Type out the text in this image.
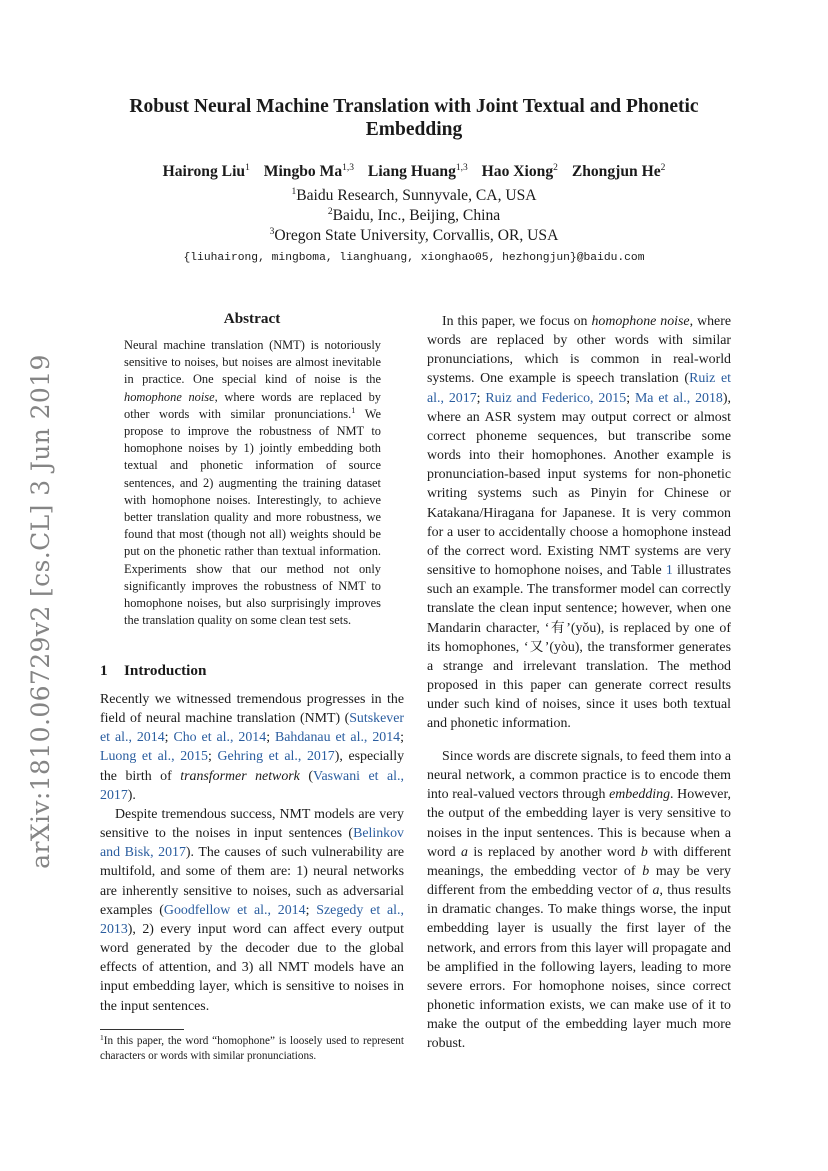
arXiv:1810.06729v2 [cs.CL] 3 Jun 2019
Robust Neural Machine Translation with Joint Textual and Phonetic Embedding
Hairong Liu$^1$ Mingbo Ma$^{1,3}$ Liang Huang$^{1,3}$ Hao Xiong$^2$ Zhongjun He$^2$
$^1$Baidu Research, Sunnyvale, CA, USA
$^2$Baidu, Inc., Beijing, China
$^3$Oregon State University, Corvallis, OR, USA
{liuhairong, mingboma, lianghuang, xionghao05, hezhongjun}@baidu.com
Abstract

Neural machine translation (NMT) is notoriously sensitive to noises, but noises are almost inevitable in practice. One special kind of noise is the homophone noise, where words are replaced by other words with similar pronunciations.$^1$ We propose to improve the robustness of NMT to homophone noises by 1) jointly embedding both textual and phonetic information of source sentences, and 2) augmenting the training dataset with homophone noises. Interestingly, to achieve better translation quality and more robustness, we found that most (though not all) weights should be put on the phonetic rather than textual information. Experiments show that our method not only significantly improves the robustness of NMT to homophone noises, but also surprisingly improves the translation quality on some clean test sets.

1 Introduction

Recently we witnessed tremendous progresses in the field of neural machine translation (NMT) (Sutskever et al., 2014; Cho et al., 2014; Bahdanau et al., 2014; Luong et al., 2015; Gehring et al., 2017), especially the birth of transformer network (Vaswani et al., 2017).

Despite tremendous success, NMT models are very sensitive to the noises in input sentences (Belinkov and Bisk, 2017). The causes of such vulnerability are multifold, and some of them are: 1) neural networks are inherently sensitive to noises, such as adversarial examples (Goodfellow et al., 2014; Szegedy et al., 2013), 2) every input word can affect every output word generated by the decoder due to the global effects of attention, and 3) all NMT models have an input embedding layer, which is sensitive to noises in the input sentences.

$^1$In this paper, the word “homophone” is loosely used to represent characters or words with similar pronunciations.

In this paper, we focus on homophone noise, where words are replaced by other words with similar pronunciations, which is common in real-world systems. One example is speech translation (Ruiz et al., 2017; Ruiz and Federico, 2015; Ma et al., 2018), where an ASR system may output correct or almost correct phoneme sequences, but transcribe some words into their homophones. Another example is pronunciation-based input systems for non-phonetic writing systems such as Pinyin for Chinese or Katakana/Hiragana for Japanese. It is very common for a user to accidentally choose a homophone instead of the correct word. Existing NMT systems are very sensitive to homophone noises, and Table 1 illustrates such an example. The transformer model can correctly translate the clean input sentence; however, when one Mandarin character, ‘有’(yǒu), is replaced by one of its homophones, ‘又’(yòu), the transformer generates a strange and irrelevant translation. The method proposed in this paper can generate correct results under such kind of noises, since it uses both textual and phonetic information.

Since words are discrete signals, to feed them into a neural network, a common practice is to encode them into real-valued vectors through embedding. However, the output of the embedding layer is very sensitive to noises in the input sentences. This is because when a word a is replaced by another word b with different meanings, the embedding vector of b may be very different from the embedding vector of a, thus results in dramatic changes. To make things worse, the input embedding layer is usually the first layer of the network, and errors from this layer will propagate and be amplified in the following layers, leading to more severe errors. For homophone noises, since correct phonetic information exists, we can make use of it to make the output of the embedding layer much more robust.
